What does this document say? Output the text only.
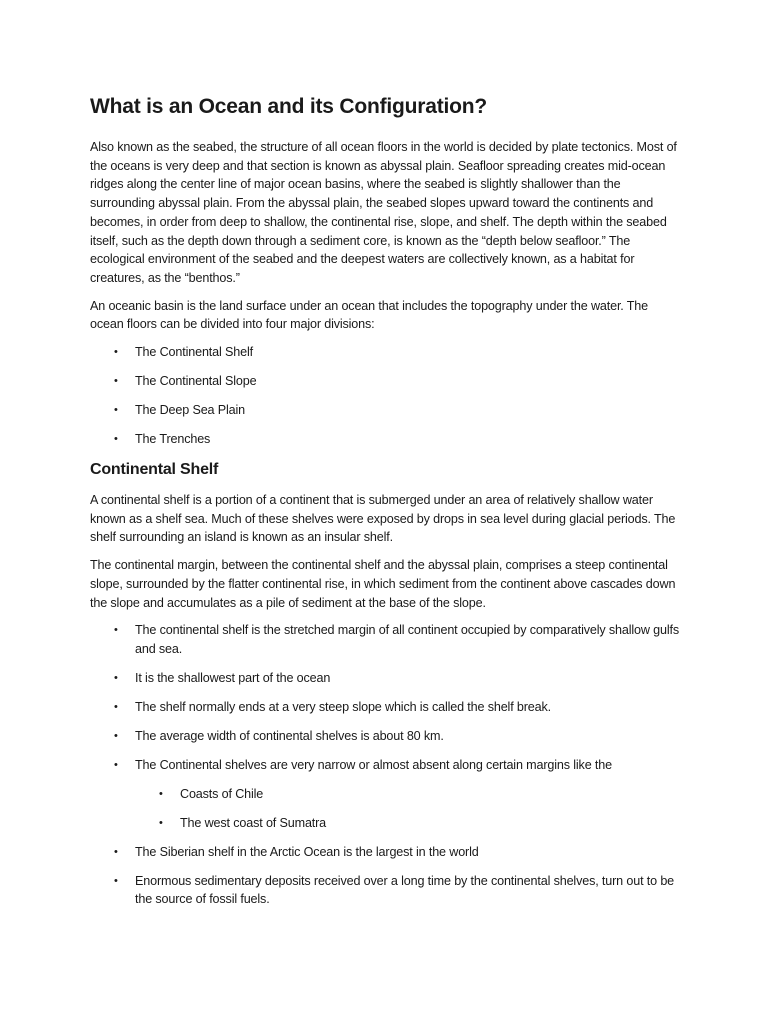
What is an Ocean and its Configuration?

Also known as the seabed, the structure of all ocean floors in the world is decided by plate tectonics. Most of the oceans is very deep and that section is known as abyssal plain. Seafloor spreading creates mid-ocean ridges along the center line of major ocean basins, where the seabed is slightly shallower than the surrounding abyssal plain. From the abyssal plain, the seabed slopes upward toward the continents and becomes, in order from deep to shallow, the continental rise, slope, and shelf. The depth within the seabed itself, such as the depth down through a sediment core, is known as the “depth below seafloor.” The ecological environment of the seabed and the deepest waters are collectively known, as a habitat for creatures, as the “benthos.”

An oceanic basin is the land surface under an ocean that includes the topography under the water. The ocean floors can be divided into four major divisions:

• The Continental Shelf
• The Continental Slope
• The Deep Sea Plain
• The Trenches
Continental Shelf

A continental shelf is a portion of a continent that is submerged under an area of relatively shallow water known as a shelf sea. Much of these shelves were exposed by drops in sea level during glacial periods. The shelf surrounding an island is known as an insular shelf.

The continental margin, between the continental shelf and the abyssal plain, comprises a steep continental slope, surrounded by the flatter continental rise, in which sediment from the continent above cascades down the slope and accumulates as a pile of sediment at the base of the slope.

• The continental shelf is the stretched margin of all continent occupied by comparatively shallow gulfs and sea.
• It is the shallowest part of the ocean
• The shelf normally ends at a very steep slope which is called the shelf break.
• The average width of continental shelves is about 80 km.
• The Continental shelves are very narrow or almost absent along certain margins like the
• Coasts of Chile
• The west coast of Sumatra
• The Siberian shelf in the Arctic Ocean is the largest in the world
• Enormous sedimentary deposits received over a long time by the continental shelves, turn out to be the source of fossil fuels.
